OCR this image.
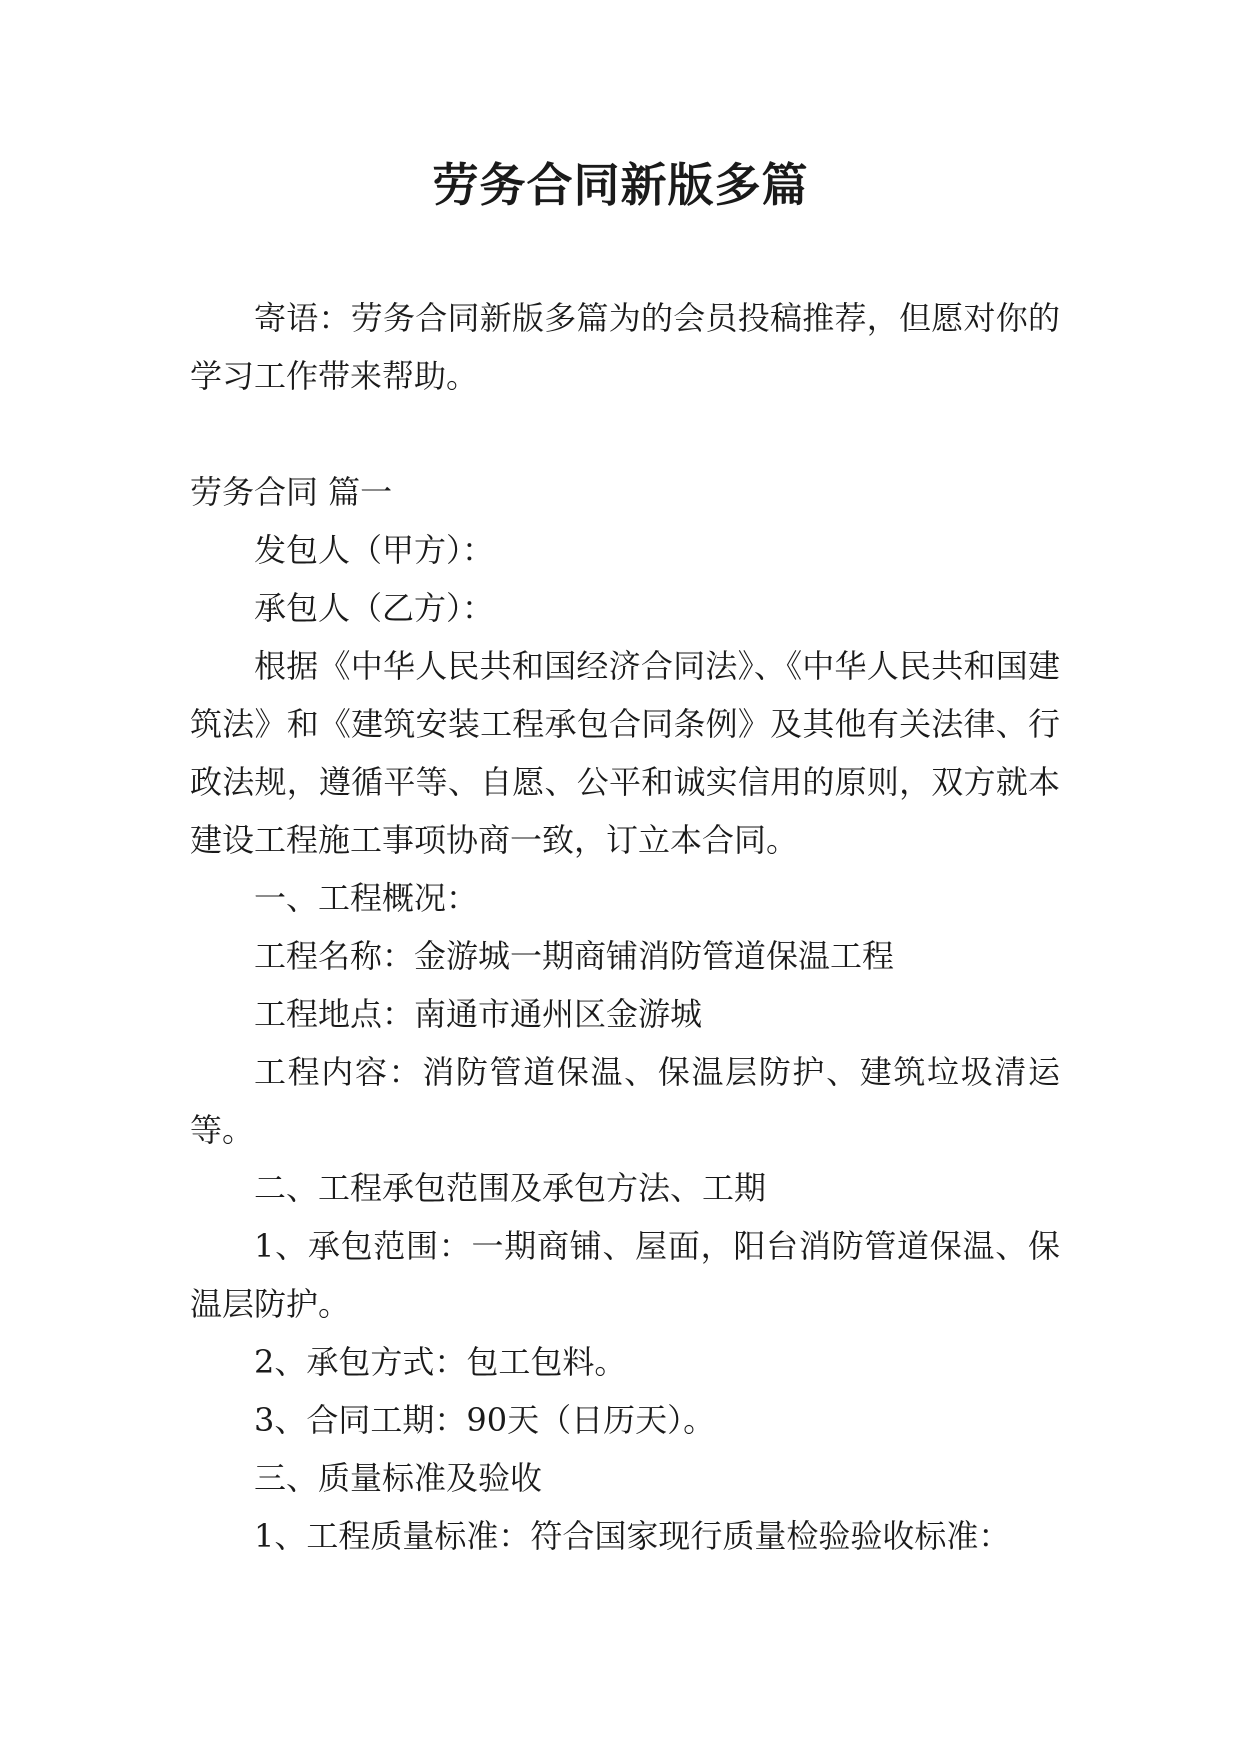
劳务合同新版多篇

寄语：劳务合同新版多篇为的会员投稿推荐，但愿对你的学习工作带来帮助。

劳务合同 篇一

发包人（甲方）：

承包人（乙方）：

根据《中华人民共和国经济合同法》、《中华人民共和国建筑法》和《建筑安装工程承包合同条例》及其他有关法律、行政法规，遵循平等、自愿、公平和诚实信用的原则，双方就本建设工程施工事项协商一致，订立本合同。

一、工程概况：

工程名称：金游城一期商铺消防管道保温工程

工程地点：南通市通州区金游城

工程内容：消防管道保温、保温层防护、建筑垃圾清运等。

二、工程承包范围及承包方法、工期

1、承包范围：一期商铺、屋面，阳台消防管道保温、保温层防护。

2、承包方式：包工包料。

3、合同工期：90天（日历天）。

三、质量标准及验收

1、工程质量标准：符合国家现行质量检验验收标准：
